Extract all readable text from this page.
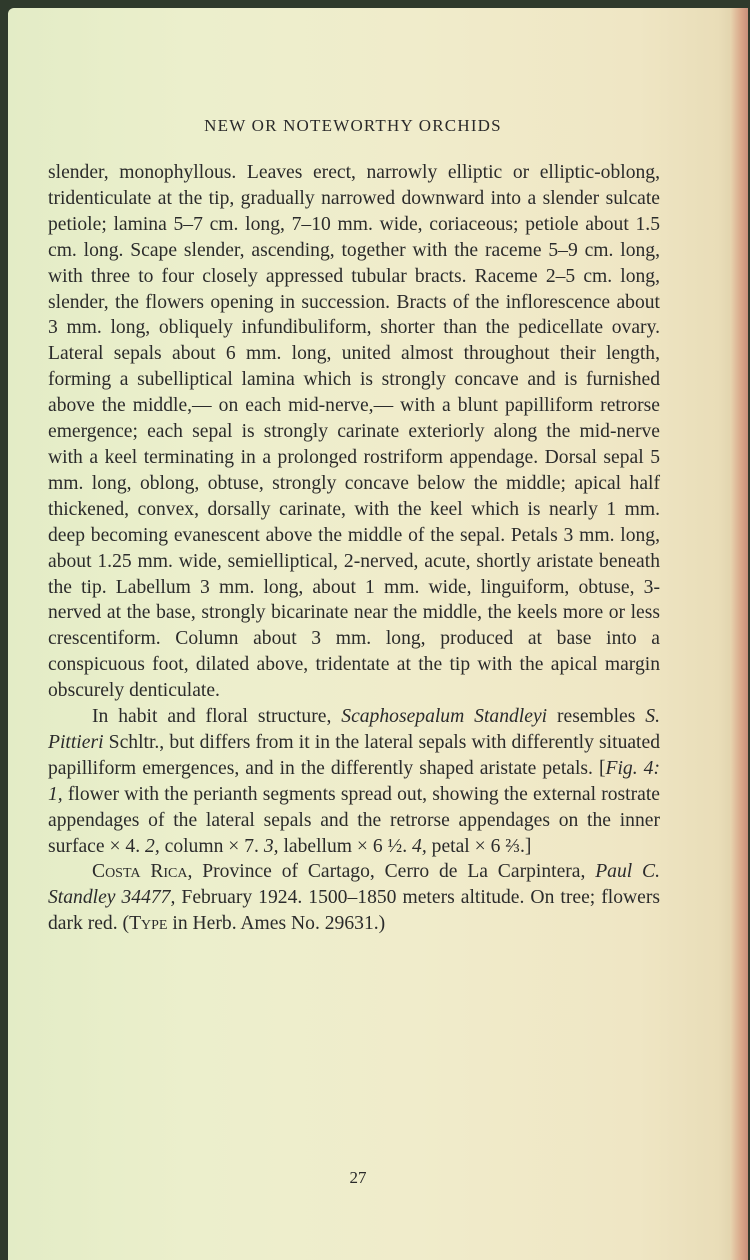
NEW OR NOTEWORTHY ORCHIDS

slender, monophyllous. Leaves erect, narrowly elliptic or elliptic-oblong, tridenticulate at the tip, gradually narrowed downward into a slender sulcate petiole; lamina 5–7 cm. long, 7–10 mm. wide, coriaceous; petiole about 1.5 cm. long. Scape slender, ascending, together with the raceme 5–9 cm. long, with three to four closely appressed tubular bracts. Raceme 2–5 cm. long, slender, the flowers opening in succession. Bracts of the inflorescence about 3 mm. long, obliquely infundibuliform, shorter than the pedicellate ovary. Lateral sepals about 6 mm. long, united almost throughout their length, forming a subelliptical lamina which is strongly concave and is furnished above the middle,— on each mid-nerve,— with a blunt papilliform retrorse emergence; each sepal is strongly carinate exteriorly along the mid-nerve with a keel terminating in a prolonged rostriform appendage. Dorsal sepal 5 mm. long, oblong, obtuse, strongly concave below the middle; apical half thickened, convex, dorsally carinate, with the keel which is nearly 1 mm. deep becoming evanescent above the middle of the sepal. Petals 3 mm. long, about 1.25 mm. wide, semielliptical, 2-nerved, acute, shortly aristate beneath the tip. Labellum 3 mm. long, about 1 mm. wide, linguiform, obtuse, 3-nerved at the base, strongly bicarinate near the middle, the keels more or less crescentiform. Column about 3 mm. long, produced at base into a conspicuous foot, dilated above, tridentate at the tip with the apical margin obscurely denticulate.

In habit and floral structure, Scaphosepalum Standleyi resembles S. Pittieri Schltr., but differs from it in the lateral sepals with differently situated papilliform emergences, and in the differently shaped aristate petals. [Fig. 4: 1, flower with the perianth segments spread out, showing the external rostrate appendages of the lateral sepals and the retrorse appendages on the inner surface × 4. 2, column × 7. 3, labellum × 6 ½. 4, petal × 6 ⅔.]

Costa Rica, Province of Cartago, Cerro de La Carpintera, Paul C. Standley 34477, February 1924. 1500–1850 meters altitude. On tree; flowers dark red. (Type in Herb. Ames No. 29631.)

27
